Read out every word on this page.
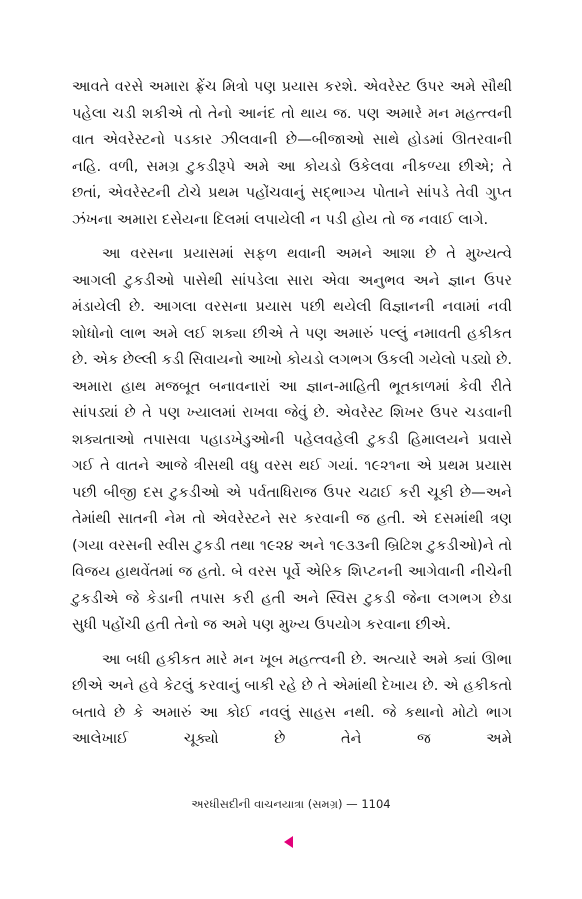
આવતે વરસે અમારા ફ્રેંચ મિત્રો પણ પ્રયાસ કરશે. એવરેસ્ટ ઉપર અમે સૌથી પહેલા ચડી શકીએ તો તેનો આનંદ તો થાય જ. પણ અમારે મન મહત્ત્વની વાત એવરેસ્ટનો પડકાર ઝીલવાની છે—બીજાઓ સાથે હોડમાં ઊતરવાની નહિ. વળી, સમગ્ર ટુકડીરૂપે અમે આ કોયડો ઉકેલવા નીકળ્યા છીએ; તે છતાં, એવરેસ્ટની ટોચે પ્રથમ પહોંચવાનું સદ્ભાગ્ય પોતાને સાંપડે તેવી ગુપ્ત ઝંખના અમારા દસેયના દિલમાં લપાયેલી ન પડી હોય તો જ નવાઈ લાગે.

આ વરસના પ્રયાસમાં સફળ થવાની અમને આશા છે તે મુખ્યત્વે આગલી ટુકડીઓ પાસેથી સાંપડેલા સારા એવા અનુભવ અને જ્ઞાન ઉપર મંડાયેલી છે. આગલા વરસના પ્રયાસ પછી થયેલી વિજ્ઞાનની નવામાં નવી શોધોનો લાભ અમે લઈ શક્યા છીએ તે પણ અમારું પલ્લું નમાવતી હકીકત છે. એક છેલ્લી કડી સિવાયનો આખો કોયડો લગભગ ઉકલી ગયેલો પડ્યો છે. અમારા હાથ મજબૂત બનાવનારાં આ જ્ઞાન-માહિતી ભૂતકાળમાં કેવી રીતે સાંપડ્યાં છે તે પણ ખ્યાલમાં રાખવા જેવું છે. એવરેસ્ટ શિખર ઉપર ચડવાની શક્યતાઓ તપાસવા પહાડખેડુઓની પહેલવહેલી ટુકડી હિમાલયને પ્રવાસે ગઈ તે વાતને આજે ત્રીસથી વધુ વરસ થઈ ગયાં. ૧૯૨૧ના એ પ્રથમ પ્રયાસ પછી બીજી દસ ટુકડીઓ એ પર્વતાધિરાજ ઉપર ચઢાઈ કરી ચૂકી છે—અને તેમાંથી સાતની નેમ તો એવરેસ્ટને સર કરવાની જ હતી. એ દસમાંથી ત્રણ (ગયા વરસની સ્વીસ ટુકડી તથા ૧૯૨૪ અને ૧૯૩૩ની બ્રિટિશ ટુકડીઓ)ને તો વિજય હાથવેંતમાં જ હતો. બે વરસ પૂર્વે એરિક શિપ્ટનની આગેવાની નીચેની ટુકડીએ જે કેડાની તપાસ કરી હતી અને સ્વિસ ટુકડી જેના લગભગ છેડા સુધી પહોંચી હતી તેનો જ અમે પણ મુખ્ય ઉપયોગ કરવાના છીએ.

આ બધી હકીકત મારે મન ખૂબ મહત્ત્વની છે. અત્યારે અમે ક્યાં ઊભા છીએ અને હવે કેટલું કરવાનું બાકી રહે છે તે એમાંથી દેખાય છે. એ હકીકતો બતાવે છે કે અમારું આ કોઈ નવલું સાહસ નથી. જે કથાનો મોટો ભાગ આલેખાઈ ચૂક્યો છે તેને જ અમે

અરધીસદીની વાચનયાત્રા (સમગ્ર) — 1104
